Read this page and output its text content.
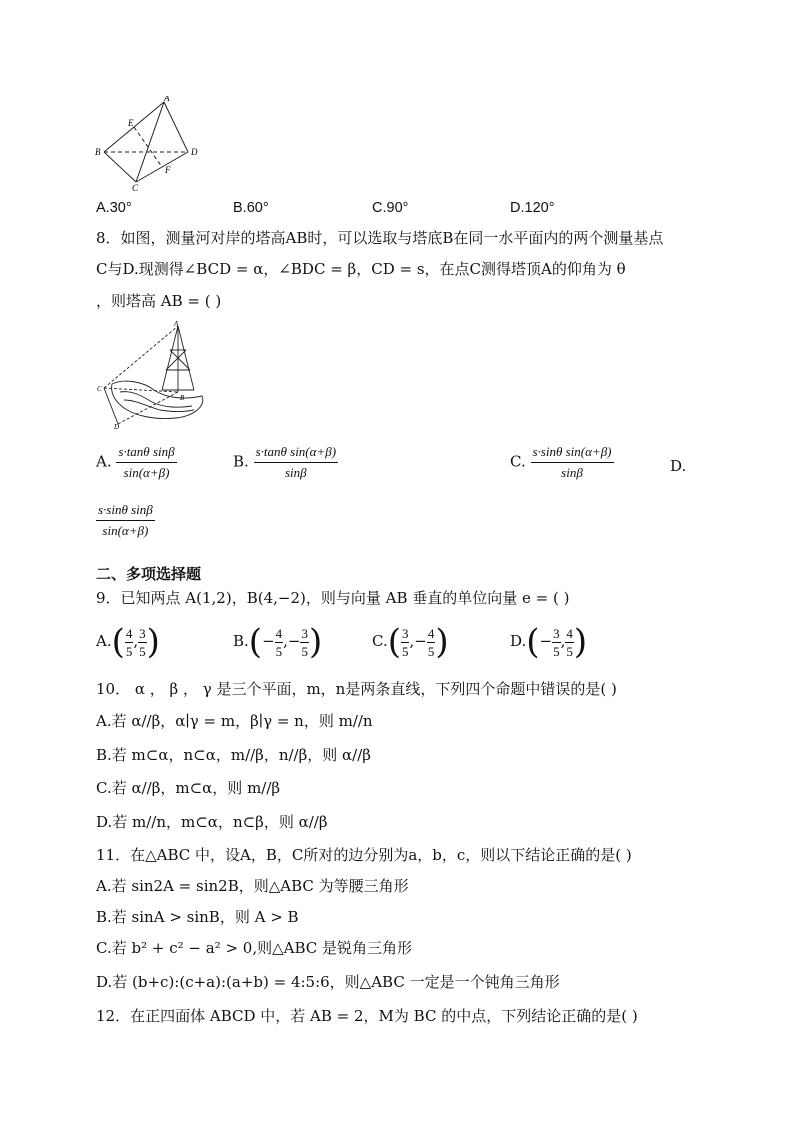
A
B
C
D
E
F
A.30°	B.60°	C.90°	D.120°
8．如图，测量河对岸的塔高AB时，可以选取与塔底B在同一水平面内的两个测量基点
C与D.现测得∠BCD = α，∠BDC = β，CD = s，在点C测得塔顶A的仰角为 θ
，则塔高 AB = ( )
A
B
C
D
A. $\frac{\text{s·tanθ sinβ}}{\sin(\alpha+\beta)}$	B. $\frac{\text{s·tanθ sin(α+β)}}{\sin\beta}$	C. $\frac{\text{s·sinθ sin(α+β)}}{\sin\beta}$	D.
$\frac{\text{s·sinθ sinβ}}{\sin(\alpha+\beta)}$
二、多项选择题
9．已知两点 A(1,2)，B(4,−2)，则与向量 AB 垂直的单位向量 e = ( )
$A.( \frac{4}{5}$ , $\frac{3}{5}$ )	$B.(- \frac{4}{5}$ ,− $\frac{3}{5}$ )	$C.( \frac{3}{5}$ ,− $\frac{4}{5}$ )	$D.(- \frac{3}{5}$ , $\frac{4}{5}$ )
10． α ， β ， γ 是三个平面，m，n是两条直线，下列四个命题中错误的是( )
A.若 α//β，α∣γ = m，β∣γ = n，则 m//n
B.若 m⊂α，n⊂α，m//β，n//β，则 α//β
C.若 α//β，m⊂α，则 m//β
D.若 m//n，m⊂α，n⊂β，则 α//β
11．在△ABC 中，设A，B，C所对的边分别为a，b，c，则以下结论正确的是( )
A.若 sin2A = sin2B，则△ABC 为等腰三角形
B.若 sinA > sinB，则 A > B
C.若 b² + c² − a² > 0,则△ABC 是锐角三角形
D.若 (b+c):(c+a):(a+b) = 4:5:6，则△ABC 一定是一个钝角三角形
12．在正四面体 ABCD 中，若 AB = 2，M为 BC 的中点，下列结论正确的是( )
